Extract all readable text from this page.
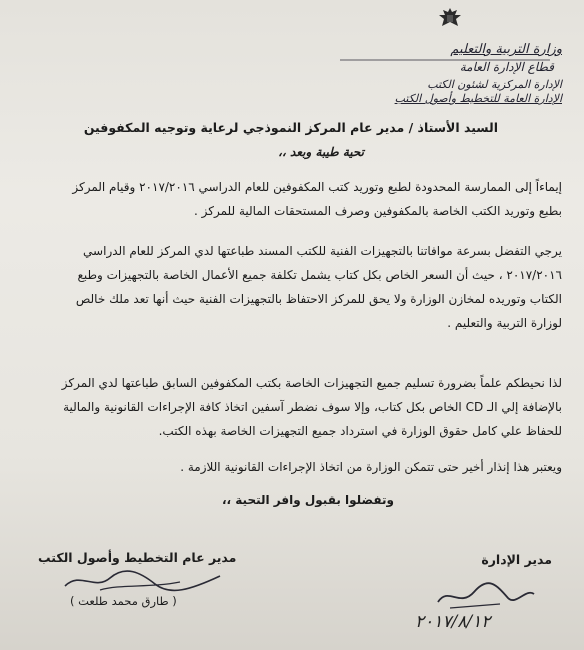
وزارة التربية والتعليم
قطاع الإدارة العامة
الإدارة المركزية لشئون الكتب
الإدارة العامة للتخطيط وأصول الكتب
السيد الأستاذ / مدير عام المركز النموذجي لرعاية وتوجيه المكفوفين
تحية طيبة وبعد ،،
إيماءاً إلى الممارسة المحدودة لطبع وتوريد كتب المكفوفين للعام الدراسي ٢٠١٧/٢٠١٦ وقيام المركز
بطبع وتوريد الكتب الخاصة بالمكفوفين وصرف المستحقات المالية للمركز .
يرجي التفضل بسرعة موافاتنا بالتجهيزات الفنية للكتب المسند طباعتها لدي المركز للعام الدراسي
٢٠١٧/٢٠١٦ ، حيث أن السعر الخاص بكل كتاب يشمل تكلفة جميع الأعمال الخاصة بالتجهيزات وطبع
الكتاب وتوريده لمخازن الوزارة ولا يحق للمركز الاحتفاظ بالتجهيزات الفنية حيث أنها تعد ملك خالص
لوزارة التربية والتعليم .
لذا نحيطكم علماً بضرورة تسليم جميع التجهيزات الخاصة بكتب المكفوفين السابق طباعتها لدي المركز
بالإضافة إلي الـ CD الخاص بكل كتاب، وإلا سوف نضطر آسفين اتخاذ كافة الإجراءات القانونية والمالية
للحفاظ علي كامل حقوق الوزارة في استرداد جميع التجهيزات الخاصة بهذه الكتب.
ويعتبر هذا إنذار أخير حتى تتمكن الوزارة من اتخاذ الإجراءات القانونية اللازمة .
وتفضلوا بقبول وافر التحية ،،
مدير عام التخطيط وأصول الكتب	مدير الإدارة
( طارق محمد طلعت )
٢٠١٧/٨/١٢
